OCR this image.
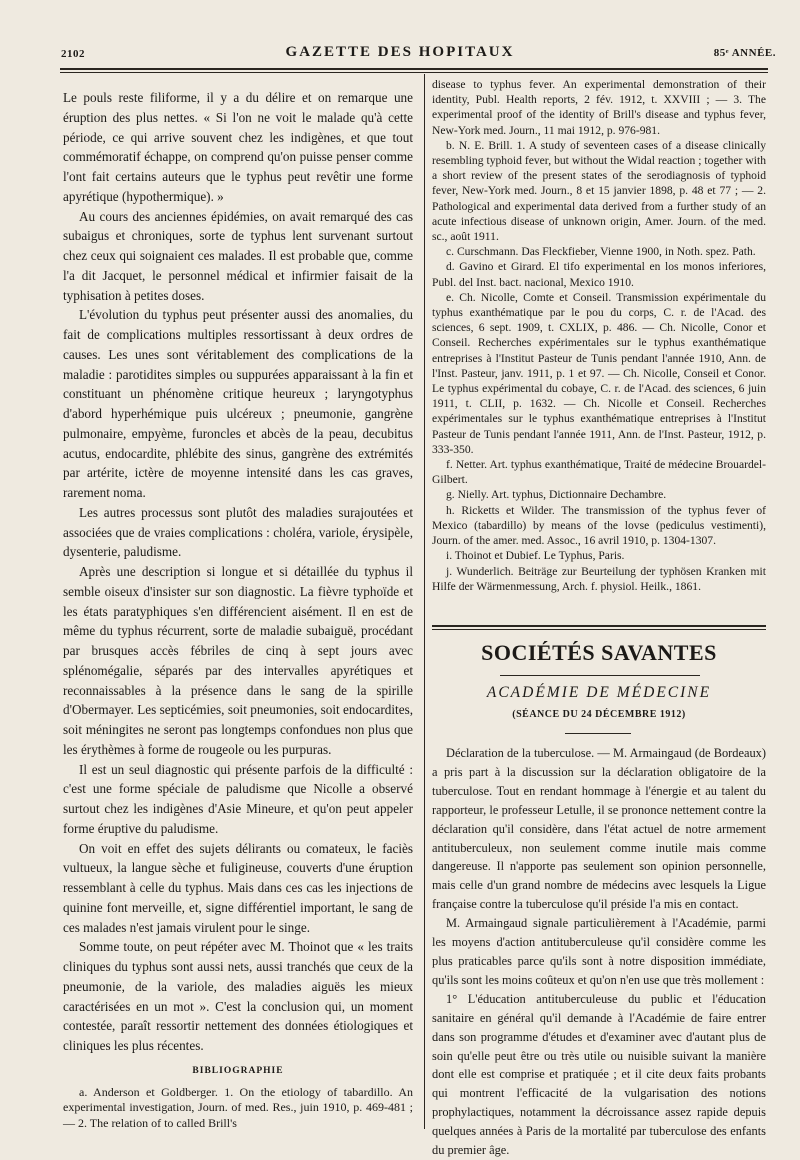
2102	GAZETTE DES HOPITAUX	85ᵉ ANNÉE.

Le pouls reste filiforme, il y a du délire et on remarque une éruption des plus nettes. « Si l'on ne voit le malade qu'à cette période, ce qui arrive souvent chez les indigènes, et que tout commémoratif échappe, on comprend qu'on puisse penser comme l'ont fait certains auteurs que le typhus peut revêtir une forme apyrétique (hypothermique). »

Au cours des anciennes épidémies, on avait remarqué des cas subaigus et chroniques, sorte de typhus lent survenant surtout chez ceux qui soignaient ces malades. Il est probable que, comme l'a dit Jacquet, le personnel médical et infirmier faisait de la typhisation à petites doses.

L'évolution du typhus peut présenter aussi des anomalies, du fait de complications multiples ressortissant à deux ordres de causes. Les unes sont véritablement des complications de la maladie : parotidites simples ou suppurées apparaissant à la fin et constituant un phénomène critique heureux ; laryngotyphus d'abord hyperhémique puis ulcéreux ; pneumonie, gangrène pulmonaire, empyème, furoncles et abcès de la peau, decubitus acutus, endocardite, phlébite des sinus, gangrène des extrémités par artérite, ictère de moyenne intensité dans les cas graves, rarement noma.

Les autres processus sont plutôt des maladies surajoutées et associées que de vraies complications : choléra, variole, érysipèle, dysenterie, paludisme.

Après une description si longue et si détaillée du typhus il semble oiseux d'insister sur son diagnostic. La fièvre typhoïde et les états paratyphiques s'en différencient aisément. Il en est de même du typhus récurrent, sorte de maladie subaiguë, procédant par brusques accès fébriles de cinq à sept jours avec splénomégalie, séparés par des intervalles apyrétiques et reconnaissables à la présence dans le sang de la spirille d'Obermayer. Les septicémies, soit pneumonies, soit endocardites, soit méningites ne seront pas longtemps confondues non plus que les érythèmes à forme de rougeole ou les purpuras.

Il est un seul diagnostic qui présente parfois de la difficulté : c'est une forme spéciale de paludisme que Nicolle a observé surtout chez les indigènes d'Asie Mineure, et qu'on peut appeler forme éruptive du paludisme.

On voit en effet des sujets délirants ou comateux, le faciès vultueux, la langue sèche et fuligineuse, couverts d'une éruption ressemblant à celle du typhus. Mais dans ces cas les injections de quinine font merveille, et, signe différentiel important, le sang de ces malades n'est jamais virulent pour le singe.

Somme toute, on peut répéter avec M. Thoinot que « les traits cliniques du typhus sont aussi nets, aussi tranchés que ceux de la pneumonie, de la variole, des maladies aiguës les mieux caractérisées en un mot ». C'est la conclusion qui, un moment contestée, paraît ressortir nettement des données étiologiques et cliniques les plus récentes.

BIBLIOGRAPHIE

a. Anderson et Goldberger. 1. On the etiology of tabardillo. An experimental investigation, Journ. of med. Res., juin 1910, p. 469-481 ; — 2. The relation of to called Brill's

disease to typhus fever. An experimental demonstration of their identity, Publ. Health reports, 2 fév. 1912, t. XXVIII ; — 3. The experimental proof of the identity of Brill's disease and typhus fever, New-York med. Journ., 11 mai 1912, p. 976-981.

b. N. E. Brill. 1. A study of seventeen cases of a disease clinically resembling typhoid fever, but without the Widal reaction ; together with a short review of the present states of the serodiagnosis of typhoid fever, New-York med. Journ., 8 et 15 janvier 1898, p. 48 et 77 ; — 2. Pathological and experimental data derived from a further study of an acute infectious disease of unknown origin, Amer. Journ. of the med. sc., août 1911.

c. Curschmann. Das Fleckfieber, Vienne 1900, in Noth. spez. Path.

d. Gavino et Girard. El tifo experimental en los monos inferiores, Publ. del Inst. bact. nacional, Mexico 1910.

e. Ch. Nicolle, Comte et Conseil. Transmission expérimentale du typhus exanthématique par le pou du corps, C. r. de l'Acad. des sciences, 6 sept. 1909, t. CXLIX, p. 486. — Ch. Nicolle, Conor et Conseil. Recherches expérimentales sur le typhus exanthématique entreprises à l'Institut Pasteur de Tunis pendant l'année 1910, Ann. de l'Inst. Pasteur, janv. 1911, p. 1 et 97. — Ch. Nicolle, Conseil et Conor. Le typhus expérimental du cobaye, C. r. de l'Acad. des sciences, 6 juin 1911, t. CLII, p. 1632. — Ch. Nicolle et Conseil. Recherches expérimentales sur le typhus exanthématique entreprises à l'Institut Pasteur de Tunis pendant l'année 1911, Ann. de l'Inst. Pasteur, 1912, p. 333-350.

f. Netter. Art. typhus exanthématique, Traité de médecine Brouardel-Gilbert.

g. Nielly. Art. typhus, Dictionnaire Dechambre.

h. Ricketts et Wilder. The transmission of the typhus fever of Mexico (tabardillo) by means of the lovse (pediculus vestimenti), Journ. of the amer. med. Assoc., 16 avril 1910, p. 1304-1307.

i. Thoinot et Dubief. Le Typhus, Paris.

j. Wunderlich. Beiträge zur Beurteilung der typhösen Kranken mit Hilfe der Wärmenmessung, Arch. f. physiol. Heilk., 1861.

SOCIÉTÉS SAVANTES
ACADÉMIE DE MÉDECINE
(SÉANCE DU 24 DÉCEMBRE 1912)

Déclaration de la tuberculose. — M. Armaingaud (de Bordeaux) a pris part à la discussion sur la déclaration obligatoire de la tuberculose. Tout en rendant hommage à l'énergie et au talent du rapporteur, le professeur Letulle, il se prononce nettement contre la déclaration qu'il considère, dans l'état actuel de notre armement antituberculeux, non seulement comme inutile mais comme dangereuse. Il n'apporte pas seulement son opinion personnelle, mais celle d'un grand nombre de médecins avec lesquels la Ligue française contre la tuberculose qu'il préside l'a mis en contact.

M. Armaingaud signale particulièrement à l'Académie, parmi les moyens d'action antituberculeuse qu'il considère comme les plus praticables parce qu'ils sont à notre disposition immédiate, qu'ils sont les moins coûteux et qu'on n'en use que très mollement :

1° L'éducation antituberculeuse du public et l'éducation sanitaire en général qu'il demande à l'Académie de faire entrer dans son programme d'études et d'examiner avec d'autant plus de soin qu'elle peut être ou très utile ou nuisible suivant la manière dont elle est comprise et pratiquée ; et il cite deux faits probants qui montrent l'efficacité de la vulgarisation des notions prophylactiques, notamment la décroissance assez rapide depuis quelques années à Paris de la mortalité par tuberculose des enfants du premier âge.
